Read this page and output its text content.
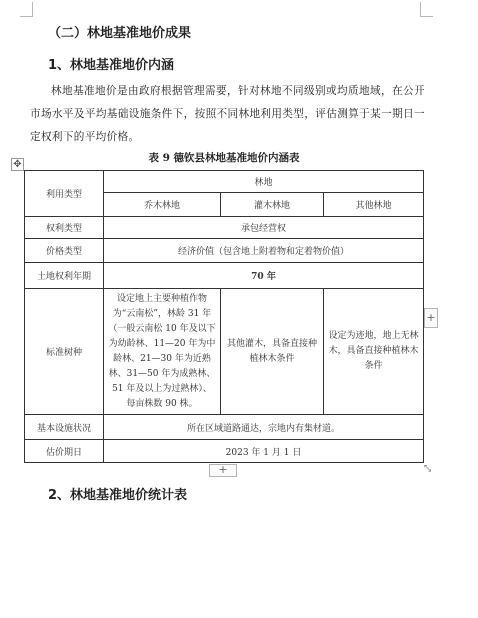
（二）林地基准地价成果
1、林地基准地价内涵
林地基准地价是由政府根据管理需要，针对林地不同级别或均质地域，在公开市场水平及平均基础设施条件下，按照不同林地利用类型，评估测算于某一期日一定权利下的平均价格。
表 9 德钦县林地基准地价内涵表
✥
利用类型	林地		
	乔木林地	灌木林地	其他林地
权利类型	承包经营权		
价格类型	经济价值（包含地上附着物和定着物价值）		
土地权利年期	70 年		
标准树种	设定地上主要种植作物为“云南松”，林龄 31 年（一般云南松 10 年及以下为幼龄林、11—20 年为中龄林、21—30 年为近熟林、31—50 年为成熟林、51 年及以上为过熟林）、每亩株数 90 株。	其他灌木，具备直接种植林木条件	设定为迹地，地上无林木，具备直接种植林木条件
基本设施状况	所在区域道路通达，宗地内有集材道。		
估价期日	2023 年 1 月 1 日		
+
+	⤡
2、林地基准地价统计表
